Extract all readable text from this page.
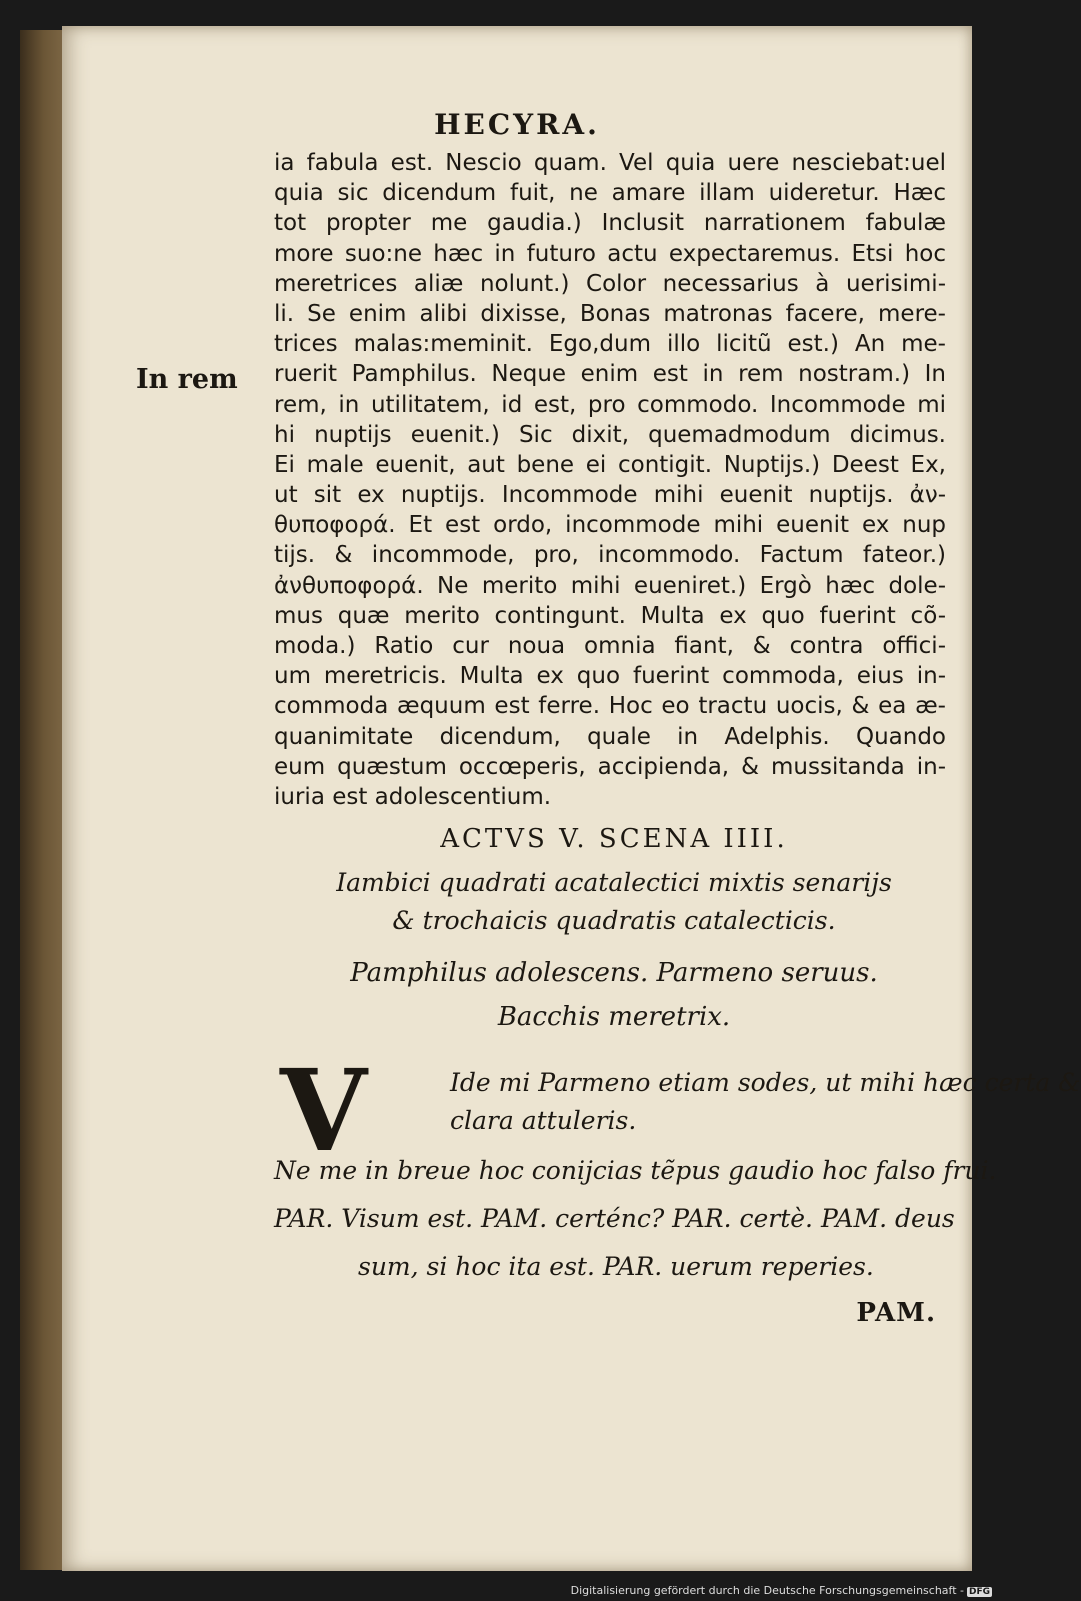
HECYRA.
In rem
ia fabula est. Nescio quam. Vel quia uere nesciebat:uel
quia sic dicendum fuit, ne amare illam uideretur. Hæc
tot propter me gaudia.) Inclusit narrationem fabulæ
more suo:ne hæc in futuro actu expectaremus. Etsi hoc
meretrices aliæ nolunt.) Color necessarius à uerisimi-
li. Se enim alibi dixisse, Bonas matronas facere, mere-
trices malas:meminit. Ego,dum illo licitũ est.) An me-
ruerit Pamphilus. Neque enim est in rem nostram.) In
rem, in utilitatem, id est, pro commodo. Incommode mi
hi nuptijs euenit.) Sic dixit, quemadmodum dicimus.
Ei male euenit, aut bene ei contigit. Nuptijs.) Deest Ex,
ut sit ex nuptijs. Incommode mihi euenit nuptijs. ἀν-
θυποφορά. Et est ordo, incommode mihi euenit ex nup
tijs. & incommode, pro, incommodo. Factum fateor.)
ἀνθυποφορά. Ne merito mihi eueniret.) Ergò hæc dole-
mus quæ merito contingunt. Multa ex quo fuerint cõ-
moda.) Ratio cur noua omnia fiant, & contra offici-
um meretricis. Multa ex quo fuerint commoda, eius in-
commoda æquum est ferre. Hoc eo tractu uocis, & ea æ-
quanimitate dicendum, quale in Adelphis. Quando
eum quæstum occœperis, accipienda, & mussitanda in-
iuria est adolescentium.
ACTVS V. SCENA IIII.
Iambici quadrati acatalectici mixtis senarijs
& trochaicis quadratis catalecticis.
Pamphilus adolescens. Parmeno seruus.
Bacchis meretrix.
V	Ide mi Parmeno etiam sodes, ut mihi hæc certa &
clara attuleris.
Ne me in breue hoc conijcias tẽpus gaudio hoc falso frui.
PAR. Visum est. PAM. certénc? PAR. certè. PAM. deus
sum, si hoc ita est. PAR. uerum reperies.
PAM.
Digitalisierung gefördert durch die Deutsche Forschungsgemeinschaft - DFG
